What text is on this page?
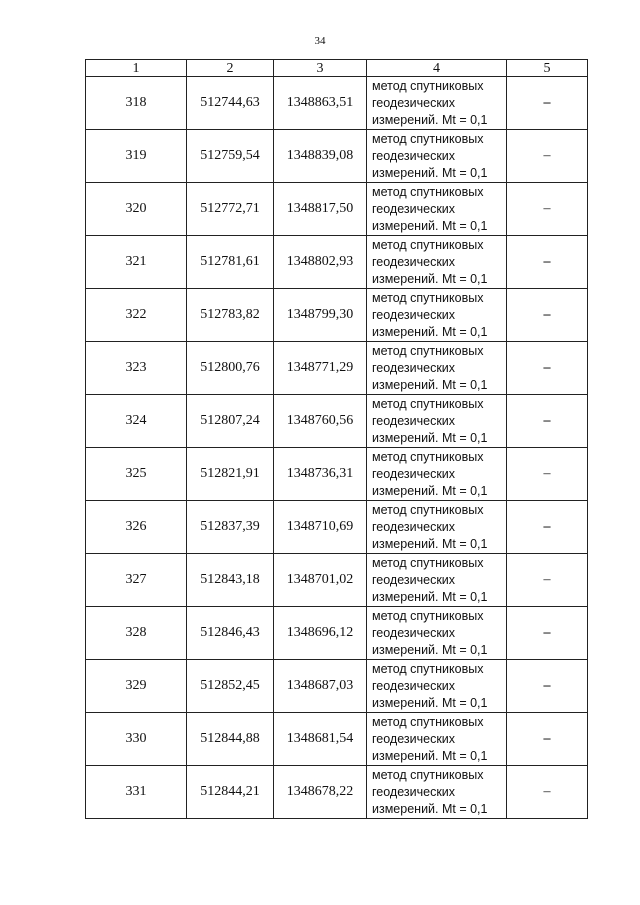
34
1	2	3	4	5
318	512744,63	1348863,51	метод спутниковых
геодезических
измерений. Mt = 0,1	–
319	512759,54	1348839,08	метод спутниковых
геодезических
измерений. Mt = 0,1	–
320	512772,71	1348817,50	метод спутниковых
геодезических
измерений. Mt = 0,1	–
321	512781,61	1348802,93	метод спутниковых
геодезических
измерений. Mt = 0,1	–
322	512783,82	1348799,30	метод спутниковых
геодезических
измерений. Mt = 0,1	–
323	512800,76	1348771,29	метод спутниковых
геодезических
измерений. Mt = 0,1	–
324	512807,24	1348760,56	метод спутниковых
геодезических
измерений. Mt = 0,1	–
325	512821,91	1348736,31	метод спутниковых
геодезических
измерений. Mt = 0,1	–
326	512837,39	1348710,69	метод спутниковых
геодезических
измерений. Mt = 0,1	–
327	512843,18	1348701,02	метод спутниковых
геодезических
измерений. Mt = 0,1	–
328	512846,43	1348696,12	метод спутниковых
геодезических
измерений. Mt = 0,1	–
329	512852,45	1348687,03	метод спутниковых
геодезических
измерений. Mt = 0,1	–
330	512844,88	1348681,54	метод спутниковых
геодезических
измерений. Mt = 0,1	–
331	512844,21	1348678,22	метод спутниковых
геодезических
измерений. Mt = 0,1	–
